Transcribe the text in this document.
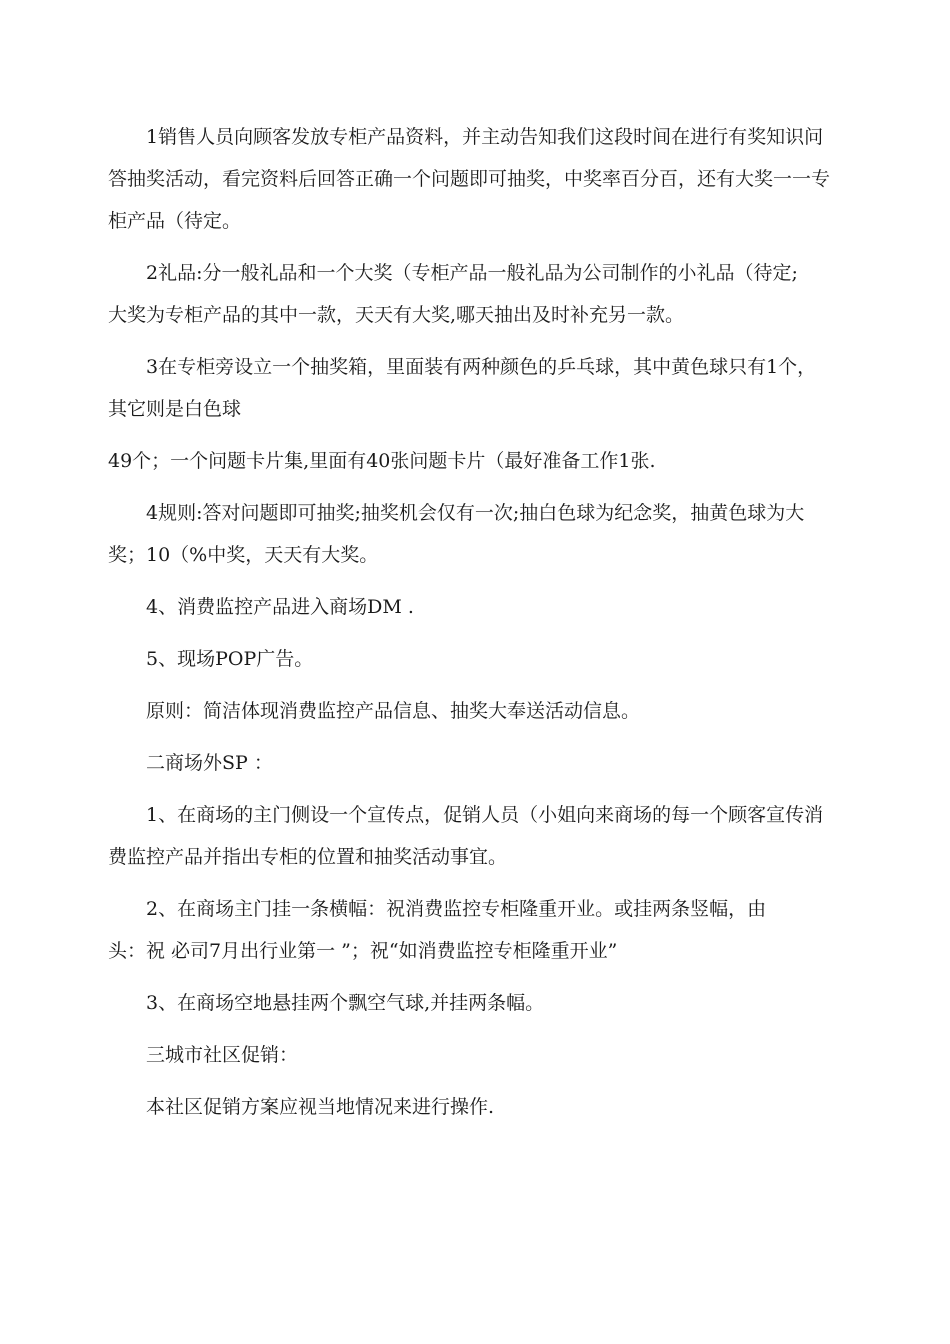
1销售人员向顾客发放专柜产品资料，并主动告知我们这段时间在进行有奖知识问
答抽奖活动，看完资料后回答正确一个问题即可抽奖，中奖率百分百，还有大奖一一专
柜产品（待定。

2礼品:分一般礼品和一个大奖（专柜产品一般礼品为公司制作的小礼品（待定;
大奖为专柜产品的其中一款，天天有大奖,哪天抽出及时补充另一款。

3在专柜旁设立一个抽奖箱，里面装有两种颜色的乒乓球，其中黄色球只有1个，
其它则是白色球

49个；一个问题卡片集,里面有40张问题卡片（最好准备工作1张.

4规则:答对问题即可抽奖;抽奖机会仅有一次;抽白色球为纪念奖，抽黄色球为大
奖；10（%中奖，天天有大奖。

4、消费监控产品进入商场DM .

5、现场POP广告。

原则：简洁体现消费监控产品信息、抽奖大奉送活动信息。

二商场外SP ：

1、在商场的主门侧设一个宣传点，促销人员（小姐向来商场的每一个顾客宣传消
费监控产品并指出专柜的位置和抽奖活动事宜。

2、在商场主门挂一条横幅：祝消费监控专柜隆重开业。或挂两条竖幅，由
头：祝 必司7月出行业第一 ”；祝“如消费监控专柜隆重开业”

3、在商场空地悬挂两个飘空气球,并挂两条幅。

三城市社区促销：

本社区促销方案应视当地情况来进行操作.
